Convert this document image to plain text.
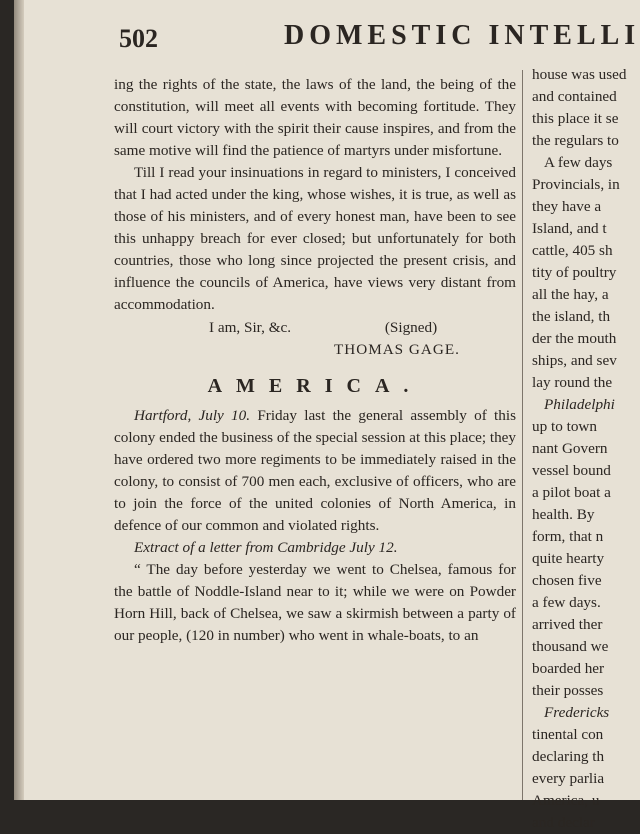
502	DOMESTIC INTELLI

ing the rights of the state, the laws of the land, the being of the constitution, will meet all events with becoming fortitude. They will court victory with the spirit their cause inspires, and from the same motive will find the patience of martyrs under misfortune.

Till I read your insinuations in regard to ministers, I conceived that I had acted under the king, whose wishes, it is true, as well as those of his ministers, and of every honest man, have been to see this unhappy breach for ever closed; but unfortunately for both countries, those who long since projected the present crisis, and influence the councils of America, have views very distant from accommodation.

I am, Sir, &c.	(Signed)
THOMAS GAGE.
AMERICA.

Hartford, July 10. Friday last the general assembly of this colony ended the business of the special session at this place; they have ordered two more regiments to be immediately raised in the colony, to consist of 700 men each, exclusive of officers, who are to join the force of the united colonies of North America, in defence of our common and violated rights.

Extract of a letter from Cambridge July 12.

“ The day before yesterday we went to Chelsea, famous for the battle of Noddle-Island near to it; while we were on Powder Horn Hill, back of Chelsea, we saw a skirmish between a party of our people, (120 in number) who went in whale-boats, to an

house was used
and contained
this place it se
the regulars to
A few days
Provincials, in
they have a
Island, and t
cattle, 405 sh
tity of poultry
all the hay, a
the island, th
der the mouth
ships, and sev
lay round the
Philadelphi
up to town
nant Govern
vessel bound
a pilot boat a
health. By
form, that n
quite hearty
chosen five
a few days.
arrived ther
thousand we
boarded her
their posses
Fredericks
tinental con
declaring th
every parlia
America, u
and declar
